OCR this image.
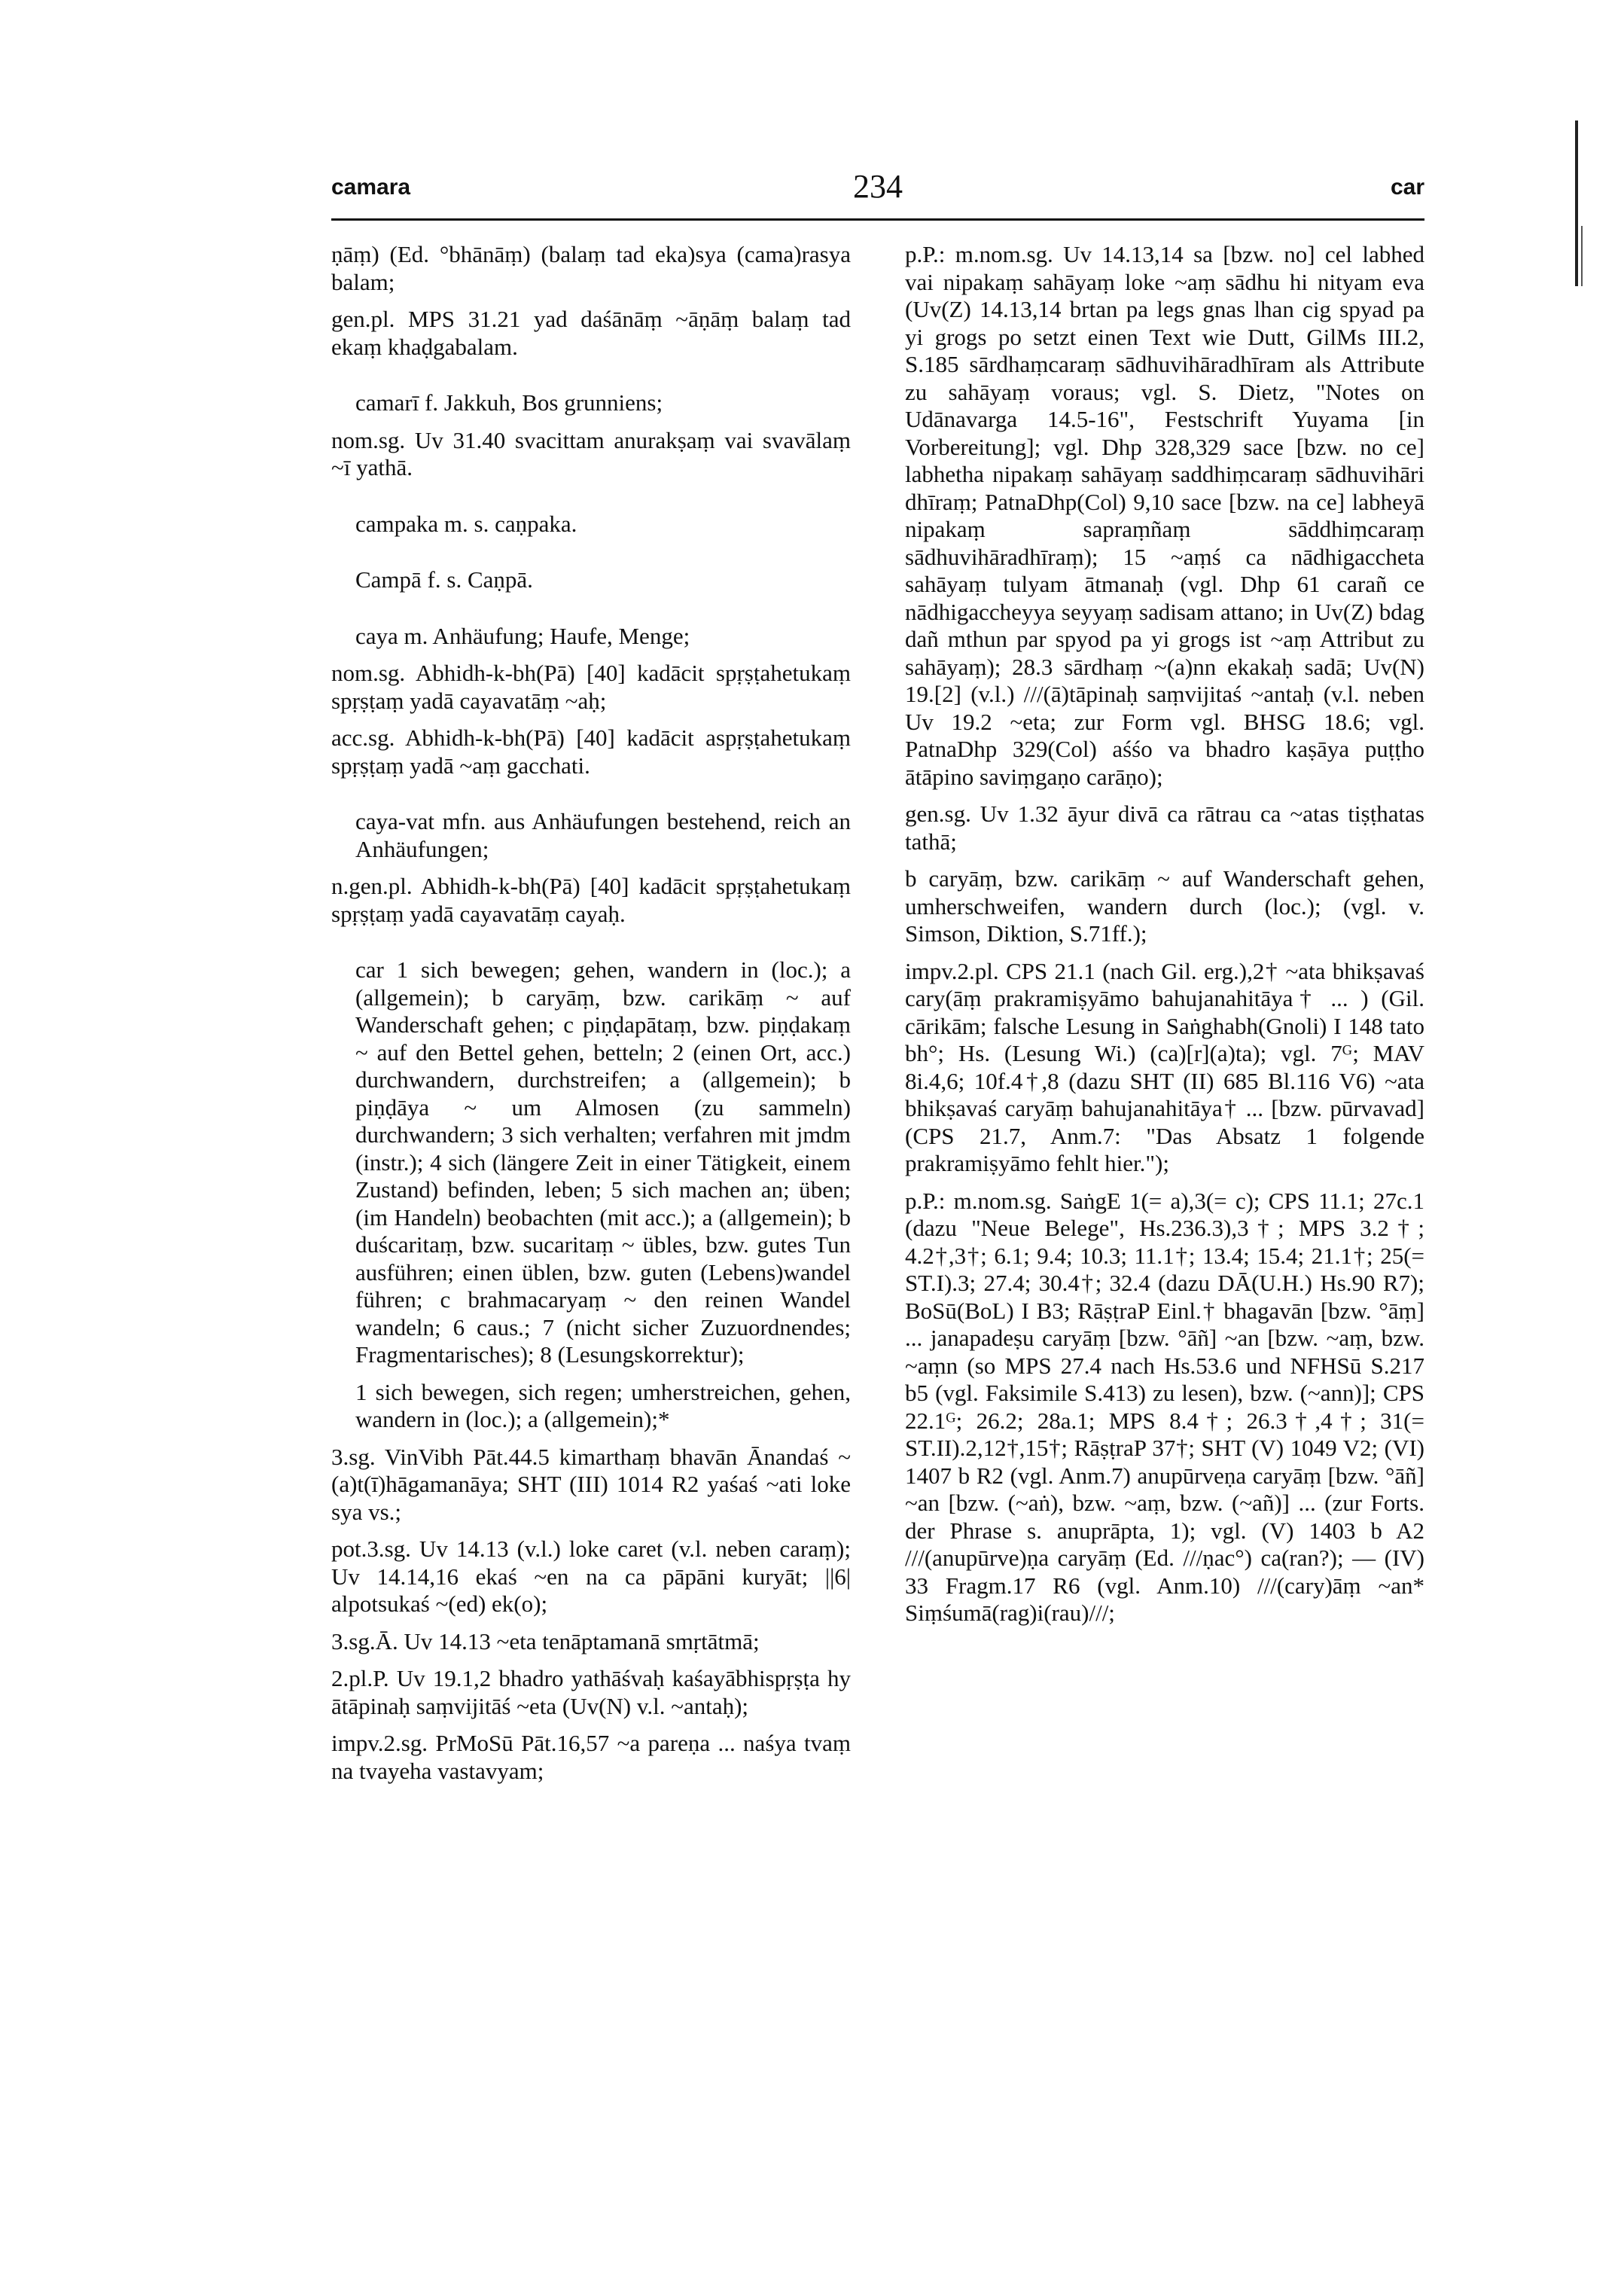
camara	234	car

ṇāṃ) (Ed. °bhānāṃ) (balaṃ tad eka)sya (cama)rasya balam;

gen.pl. MPS 31.21 yad daśānāṃ ~āṇāṃ balaṃ tad ekaṃ khaḍgabalam.

camarī f. Jakkuh, Bos grunniens;

nom.sg. Uv 31.40 svacittam anurakṣaṃ vai svavālaṃ ~ī yathā.

campaka m. s. caṇpaka.

Campā f. s. Caṇpā.

caya m. Anhäufung; Haufe, Menge;

nom.sg. Abhidh-k-bh(Pā) [40] kadācit spṛṣṭahetukaṃ spṛṣṭaṃ yadā cayavatāṃ ~aḥ;

acc.sg. Abhidh-k-bh(Pā) [40] kadācit aspṛṣṭahetukaṃ spṛṣṭaṃ yadā ~aṃ gacchati.

caya-vat mfn. aus Anhäufungen bestehend, reich an Anhäufungen;

n.gen.pl. Abhidh-k-bh(Pā) [40] kadācit spṛṣṭahetukaṃ spṛṣṭaṃ yadā cayavatāṃ cayaḥ.

car 1 sich bewegen; gehen, wandern in (loc.); a (allgemein); b caryāṃ, bzw. carikāṃ ~ auf Wanderschaft gehen; c piṇḍapātaṃ, bzw. piṇḍakaṃ ~ auf den Bettel gehen, betteln; 2 (einen Ort, acc.) durchwandern, durchstreifen; a (allgemein); b piṇḍāya ~ um Almosen (zu sammeln) durchwandern; 3 sich verhalten; verfahren mit jmdm (instr.); 4 sich (längere Zeit in einer Tätigkeit, einem Zustand) befinden, leben; 5 sich machen an; üben; (im Handeln) beobachten (mit acc.); a (allgemein); b duścaritaṃ, bzw. sucaritaṃ ~ übles, bzw. gutes Tun ausführen; einen üblen, bzw. guten (Lebens)wandel führen; c brahmacaryaṃ ~ den reinen Wandel wandeln; 6 caus.; 7 (nicht sicher Zuzuordnendes; Fragmentarisches); 8 (Lesungskorrektur);

1 sich bewegen, sich regen; umherstreichen, gehen, wandern in (loc.); a (allgemein);*

3.sg. VinVibh Pāt.44.5 kimarthaṃ bhavān Ānandaś ~(a)t(ī)hāgamanāya; SHT (III) 1014 R2 yaśaś ~ati loke sya vs.;

pot.3.sg. Uv 14.13 (v.l.) loke caret (v.l. neben caraṃ); Uv 14.14,16 ekaś ~en na ca pāpāni kuryāt; ||6| alpotsukaś ~(ed) ek(o);

3.sg.Ā. Uv 14.13 ~eta tenāptamanā smṛtātmā;

2.pl.P. Uv 19.1,2 bhadro yathāśvaḥ kaśayābhispṛṣṭa hy ātāpinaḥ saṃvijitāś ~eta (Uv(N) v.l. ~antaḥ);

impv.2.sg. PrMoSū Pāt.16,57 ~a pareṇa ... naśya tvaṃ na tvayeha vastavyam;

p.P.: m.nom.sg. Uv 14.13,14 sa [bzw. no] cel labhed vai nipakaṃ sahāyaṃ loke ~aṃ sādhu hi nityam eva (Uv(Z) 14.13,14 brtan pa legs gnas lhan cig spyad pa yi grogs po setzt einen Text wie Dutt, GilMs III.2, S.185 sārdhaṃcaraṃ sādhuvihāradhīram als Attribute zu sahāyaṃ voraus; vgl. S. Dietz, "Notes on Udānavarga 14.5-16", Festschrift Yuyama [in Vorbereitung]; vgl. Dhp 328,329 sace [bzw. no ce] labhetha nipakaṃ sahāyaṃ saddhiṃcaraṃ sādhuvihāri dhīraṃ; PatnaDhp(Col) 9,10 sace [bzw. na ce] labheyā nipakaṃ sapraṃñaṃ sāddhiṃcaraṃ sādhuvihāradhīraṃ); 15 ~aṃś ca nādhigaccheta sahāyaṃ tulyam ātmanaḥ (vgl. Dhp 61 carañ ce nādhigaccheyya seyyaṃ sadisam attano; in Uv(Z) bdag dañ mthun par spyod pa yi grogs ist ~aṃ Attribut zu sahāyaṃ); 28.3 sārdhaṃ ~(a)nn ekakaḥ sadā; Uv(N) 19.[2] (v.l.) ///(ā)tāpinaḥ saṃvijitaś ~antaḥ (v.l. neben Uv 19.2 ~eta; zur Form vgl. BHSG 18.6; vgl. PatnaDhp 329(Col) aśśo va bhadro kaṣāya puṭṭho ātāpino saviṃgaṇo carāṇo);

gen.sg. Uv 1.32 āyur divā ca rātrau ca ~atas tiṣṭhatas tathā;

b caryāṃ, bzw. carikāṃ ~ auf Wanderschaft gehen, umherschweifen, wandern durch (loc.); (vgl. v. Simson, Diktion, S.71ff.);

impv.2.pl. CPS 21.1 (nach Gil. erg.),2† ~ata bhikṣavaś cary(āṃ prakramiṣyāmo bahujanahitāya† ... ) (Gil. cārikām; falsche Lesung in Saṅghabh(Gnoli) I 148 tato bh°; Hs. (Lesung Wi.) (ca)[r](a)ta); vgl. 7ᴳ; MAV 8i.4,6; 10f.4†,8 (dazu SHT (II) 685 Bl.116 V6) ~ata bhikṣavaś caryāṃ bahujanahitāya† ... [bzw. pūrvavad] (CPS 21.7, Anm.7: "Das Absatz 1 folgende prakramiṣyāmo fehlt hier.");

p.P.: m.nom.sg. SaṅgE 1(= a),3(= c); CPS 11.1; 27c.1 (dazu "Neue Belege", Hs.236.3),3†; MPS 3.2†; 4.2†,3†; 6.1; 9.4; 10.3; 11.1†; 13.4; 15.4; 21.1†; 25(= ST.I).3; 27.4; 30.4†; 32.4 (dazu DĀ(U.H.) Hs.90 R7); BoSū(BoL) I B3; RāṣṭraP Einl.† bhagavān [bzw. °āṃ] ... janapadeṣu caryāṃ [bzw. °āñ] ~an [bzw. ~aṃ, bzw. ~aṃn (so MPS 27.4 nach Hs.53.6 und NFHSū S.217 b5 (vgl. Faksimile S.413) zu lesen), bzw. (~ann)]; CPS 22.1ᴳ; 26.2; 28a.1; MPS 8.4†; 26.3†,4†; 31(= ST.II).2,12†,15†; RāṣṭraP 37†; SHT (V) 1049 V2; (VI) 1407 b R2 (vgl. Anm.7) anupūrveṇa caryāṃ [bzw. °āñ] ~an [bzw. (~aṅ), bzw. ~aṃ, bzw. (~añ)] ... (zur Forts. der Phrase s. anuprāpta, 1); vgl. (V) 1403 b A2 ///(anupūrve)ṇa caryāṃ (Ed. ///ṇac°) ca(ran?); — (IV) 33 Fragm.17 R6 (vgl. Anm.10) ///(cary)āṃ ~an* Siṃśumā(rag)i(rau)///;
